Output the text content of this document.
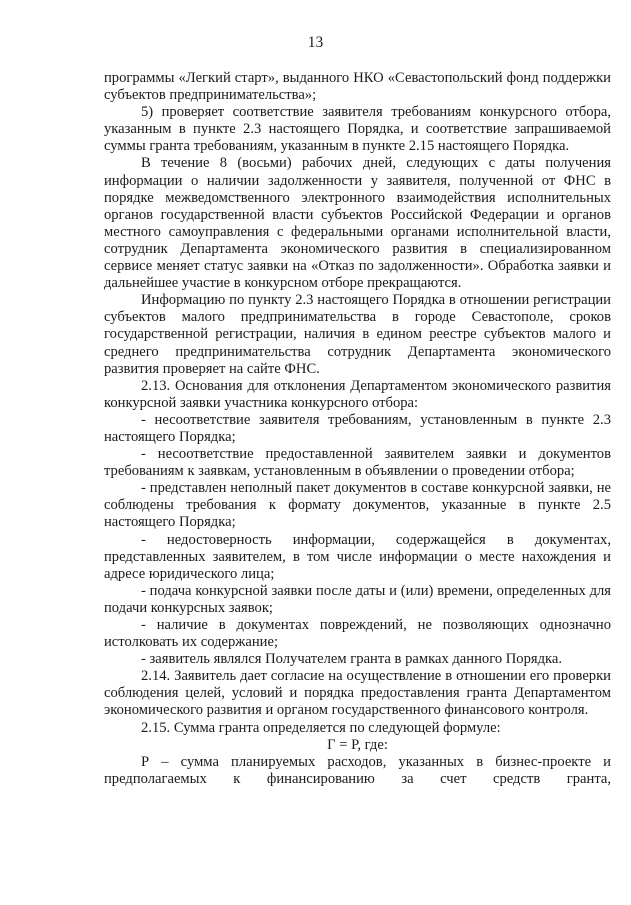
13

программы «Легкий старт», выданного НКО «Севастопольский фонд поддержки субъектов предпринимательства»;

5) проверяет соответствие заявителя требованиям конкурсного отбора, указанным в пункте 2.3 настоящего Порядка, и соответствие запрашиваемой суммы гранта требованиям, указанным в пункте 2.15 настоящего Порядка.

В течение 8 (восьми) рабочих дней, следующих с даты получения информации о наличии задолженности у заявителя, полученной от ФНС в порядке межведомственного электронного взаимодействия исполнительных органов государственной власти субъектов Российской Федерации и органов местного самоуправления с федеральными органами исполнительной власти, сотрудник Департамента экономического развития в специализированном сервисе меняет статус заявки на «Отказ по задолженности». Обработка заявки и дальнейшее участие в конкурсном отборе прекращаются.

Информацию по пункту 2.3 настоящего Порядка в отношении регистрации субъектов малого предпринимательства в городе Севастополе, сроков государственной регистрации, наличия в едином реестре субъектов малого и среднего предпринимательства сотрудник Департамента экономического развития проверяет на сайте ФНС.

2.13. Основания для отклонения Департаментом экономического развития конкурсной заявки участника конкурсного отбора:

- несоответствие заявителя требованиям, установленным в пункте 2.3 настоящего Порядка;

- несоответствие предоставленной заявителем заявки и документов требованиям к заявкам, установленным в объявлении о проведении отбора;

- представлен неполный пакет документов в составе конкурсной заявки, не соблюдены требования к формату документов, указанные в пункте 2.5 настоящего Порядка;

- недостоверность информации, содержащейся в документах, представленных заявителем, в том числе информации о месте нахождения и адресе юридического лица;

- подача конкурсной заявки после даты и (или) времени, определенных для подачи конкурсных заявок;

- наличие в документах повреждений, не позволяющих однозначно истолковать их содержание;

- заявитель являлся Получателем гранта в рамках данного Порядка.

2.14. Заявитель дает согласие на осуществление в отношении его проверки соблюдения целей, условий и порядка предоставления гранта Департаментом экономического развития и органом государственного финансового контроля.

2.15. Сумма гранта определяется по следующей формуле:

Г = Р, где:

Р – сумма планируемых расходов, указанных в бизнес-проекте и предполагаемых к финансированию за счет средств гранта,
